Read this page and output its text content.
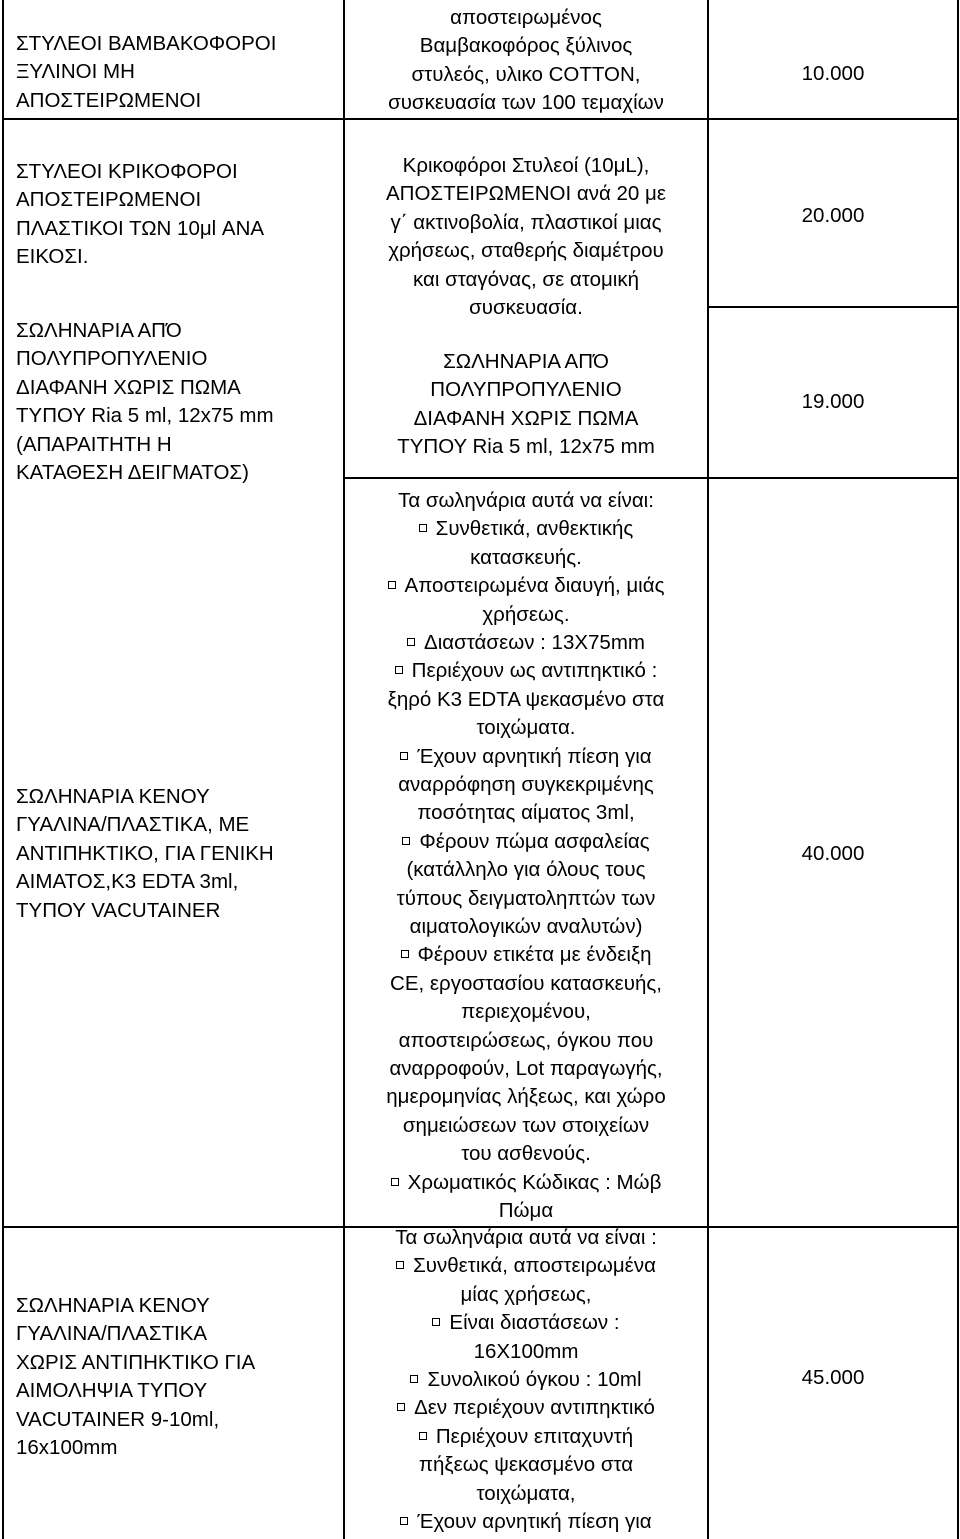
ΣΤΥΛΕΟΙ ΒΑΜΒΑΚΟΦΟΡΟΙ
ΞΥΛΙΝΟΙ ΜΗ
ΑΠΟΣΤΕΙΡΩΜΕΝΟΙ
αποστειρωμένος
Βαμβακοφόρος ξύλινος
στυλεός, υλικο COTTON,
συσκευασία των 100 τεμαχίων
10.000
ΣΤΥΛΕΟΙ ΚΡΙΚΟΦΟΡΟΙ
ΑΠΟΣΤΕΙΡΩΜΕΝΟΙ
ΠΛΑΣΤΙΚΟΙ ΤΩΝ 10μl ΑΝΑ
ΕΙΚΟΣΙ.
Κρικοφόροι Στυλεοί (10μL),
ΑΠΟΣΤΕΙΡΩΜΕΝΟΙ ανά 20 με
γ΄ ακτινοβολία, πλαστικοί μιας
χρήσεως, σταθερής διαμέτρου
και σταγόνας, σε ατομική
συσκευασία.
20.000
ΣΩΛΗΝΑΡΙΑ ΑΠΌ
ΠΟΛΥΠΡΟΠΥΛΕΝΙΟ
ΔΙΑΦΑΝΗ ΧΩΡΙΣ ΠΩΜΑ
ΤΥΠΟΥ Ria 5 ml, 12x75 mm
(ΑΠΑΡΑΙΤΗΤΗ Η
ΚΑΤΑΘΕΣΗ ΔΕΙΓΜΑΤΟΣ)
ΣΩΛΗΝΑΡΙΑ ΑΠΌ
ΠΟΛΥΠΡΟΠΥΛΕΝΙΟ
ΔΙΑΦΑΝΗ ΧΩΡΙΣ ΠΩΜΑ
ΤΥΠΟΥ Ria 5 ml, 12x75 mm
19.000
ΣΩΛΗΝΑΡΙΑ ΚΕΝΟΥ
ΓΥΑΛΙΝΑ/ΠΛΑΣΤΙΚΑ, ΜΕ
ΑΝΤΙΠΗΚΤΙΚΟ, ΓΙΑ ΓΕΝΙΚΗ
ΑΙΜΑΤΟΣ,Κ3 EDTA 3ml,
ΤΥΠΟΥ VACUTAINER
Τα σωληνάρια αυτά να είναι:
Συνθετικά, ανθεκτικής
κατασκευής.
Αποστειρωμένα διαυγή, μιάς
χρήσεως.
Διαστάσεων : 13Χ75mm
Περιέχουν ως αντιπηκτικό :
ξηρό K3 EDTA ψεκασμένο στα
τοιχώματα.
Έχουν αρνητική πίεση για
αναρρόφηση συγκεκριμένης
ποσότητας αίματος 3ml,
Φέρουν πώμα ασφαλείας
(κατάλληλο για όλους τους
τύπους δειγματοληπτών των
αιματολογικών αναλυτών)
Φέρουν ετικέτα με ένδειξη
CE, εργοστασίου κατασκευής,
περιεχομένου,
αποστειρώσεως, όγκου που
αναρροφούν, Lot παραγωγής,
ημερομηνίας λήξεως, και χώρο
σημειώσεων των στοιχείων
του ασθενούς.
Χρωματικός Κώδικας : Μώβ
Πώμα
40.000
ΣΩΛΗΝΑΡΙΑ ΚΕΝΟΥ
ΓΥΑΛΙΝΑ/ΠΛΑΣΤΙΚΑ
ΧΩΡΙΣ ΑΝΤΙΠΗΚΤΙΚΟ ΓΙΑ
ΑΙΜΟΛΗΨΙΑ ΤΥΠΟΥ
VACUTAINER 9-10ml,
16x100mm
Τα σωληνάρια αυτά να είναι :
Συνθετικά, αποστειρωμένα
μίας χρήσεως,
Είναι διαστάσεων :
16X100mm
Συνολικού όγκου : 10ml
Δεν περιέχουν αντιπηκτικό
Περιέχουν επιταχυντή
πήξεως ψεκασμένο στα
τοιχώματα,
Έχουν αρνητική πίεση για
45.000
